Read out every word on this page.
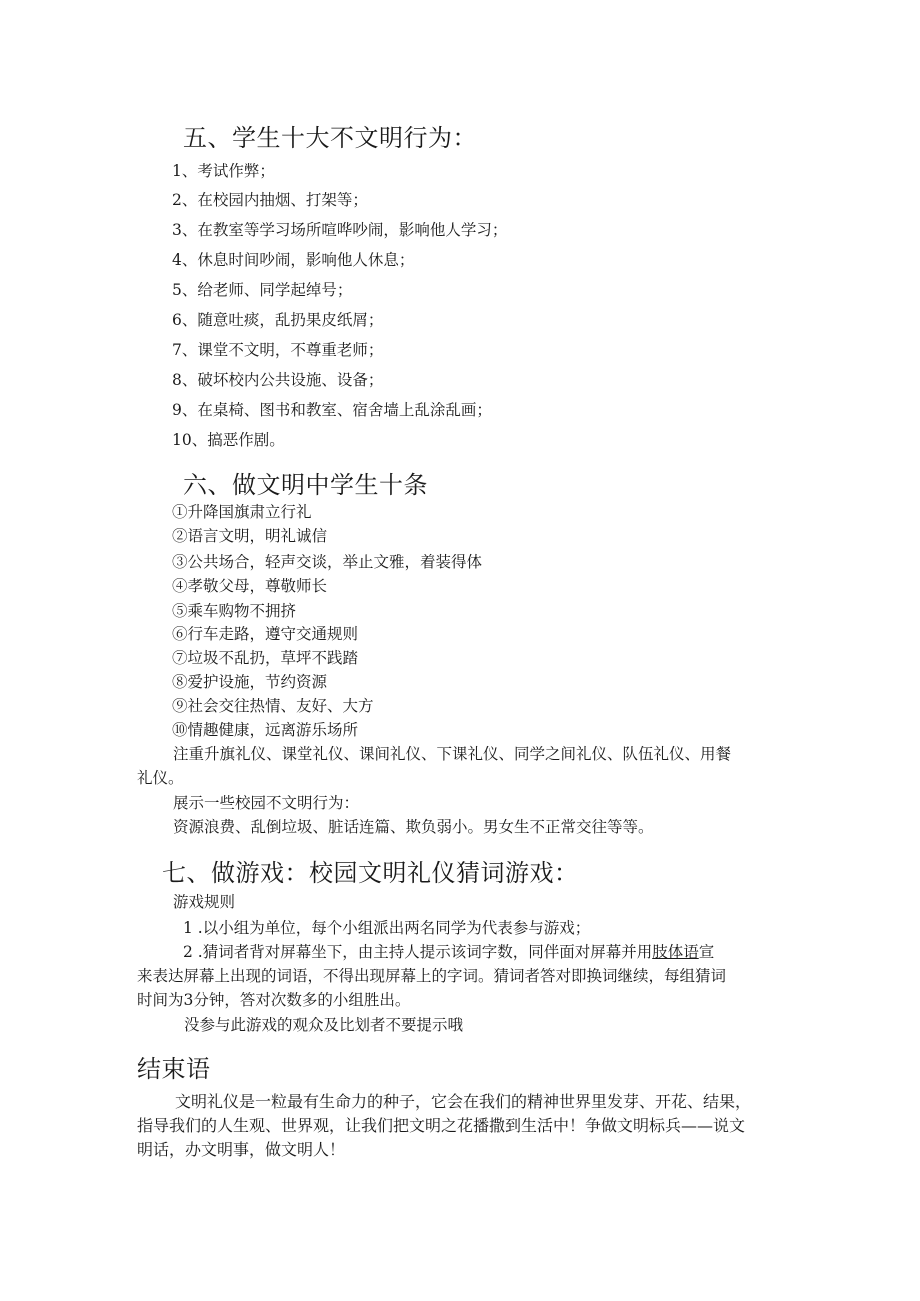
五、学生十大不文明行为：
1、考试作弊；
2、在校园内抽烟、打架等；
3、在教室等学习场所喧哗吵闹，影响他人学习；
4、休息时间吵闹，影响他人休息；
5、给老师、同学起绰号；
6、随意吐痰，乱扔果皮纸屑；
7、课堂不文明，不尊重老师；
8、破坏校内公共设施、设备；
9、在桌椅、图书和教室、宿舍墙上乱涂乱画；
10、搞恶作剧。
六、做文明中学生十条
①升降国旗肃立行礼
②语言文明，明礼诚信
③公共场合，轻声交谈，举止文雅，着装得体
④孝敬父母，尊敬师长
⑤乘车购物不拥挤
⑥行车走路，遵守交通规则
⑦垃圾不乱扔，草坪不践踏
⑧爱护设施，节约资源
⑨社会交往热情、友好、大方
⑩情趣健康，远离游乐场所
注重升旗礼仪、课堂礼仪、课间礼仪、下课礼仪、同学之间礼仪、队伍礼仪、用餐
礼仪。
展示一些校园不文明行为：
资源浪费、乱倒垃圾、脏话连篇、欺负弱小。男女生不正常交往等等。
七、做游戏：校园文明礼仪猜词游戏：
游戏规则
1 .以小组为单位，每个小组派出两名同学为代表参与游戏；
2 .猜词者背对屏幕坐下，由主持人提示该词字数，同伴面对屏幕并用肢体语宣
来表达屏幕上出现的词语，不得出现屏幕上的字词。猜词者答对即换词继续，每组猜词
时间为3分钟，答对次数多的小组胜出。
没参与此游戏的观众及比划者不要提示哦
结束语
文明礼仪是一粒最有生命力的种子，它会在我们的精神世界里发芽、开花、结果，
指导我们的人生观、世界观，让我们把文明之花播撒到生活中！争做文明标兵——说文
明话，办文明事，做文明人！
